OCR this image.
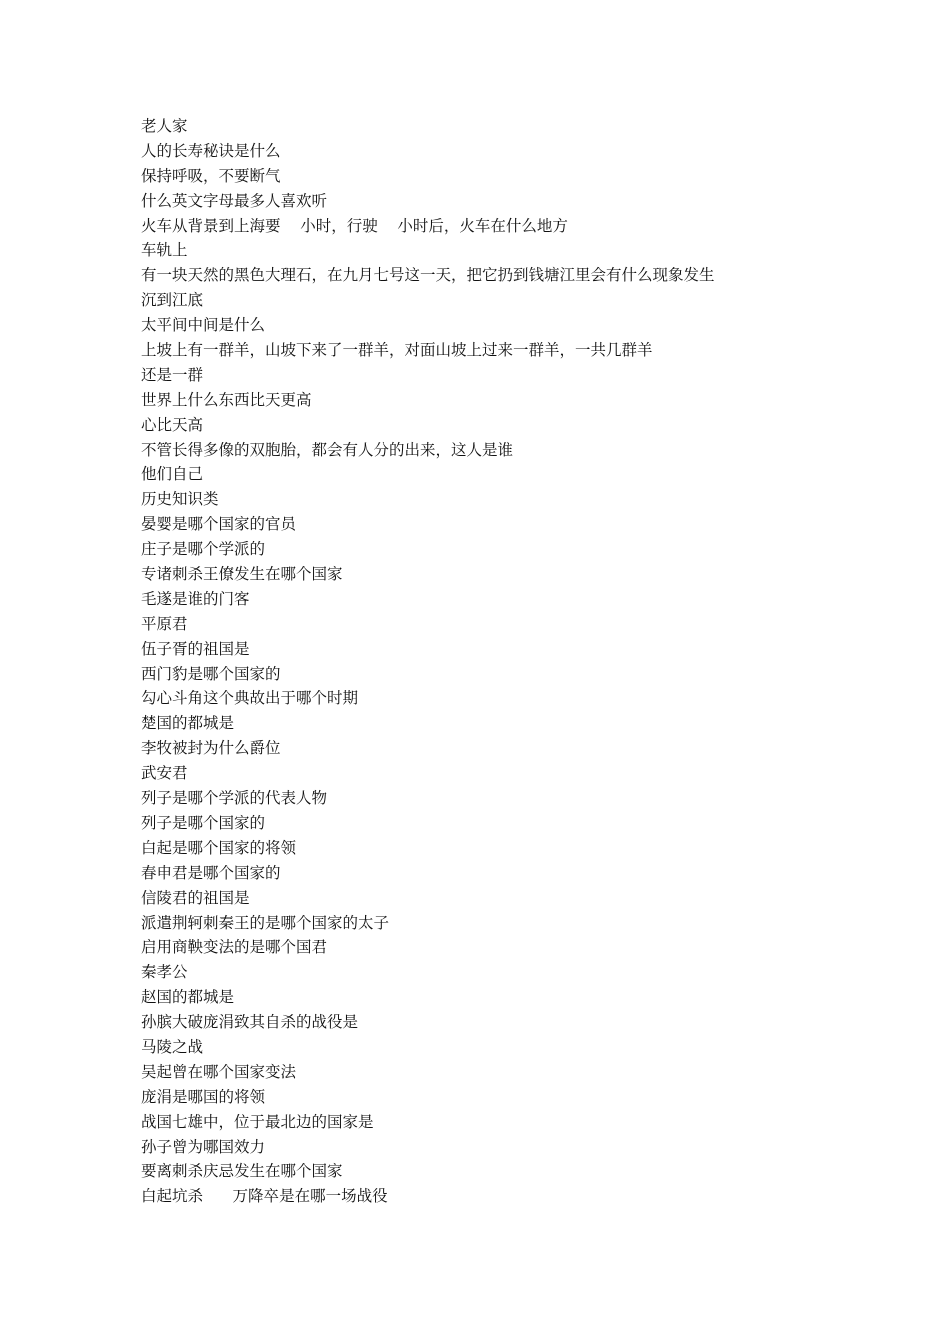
老人家
人的长寿秘诀是什么
保持呼吸，不要断气
什么英文字母最多人喜欢听
火车从背景到上海要    小时，行驶    小时后，火车在什么地方
车轨上
有一块天然的黑色大理石，在九月七号这一天，把它扔到钱塘江里会有什么现象发生
沉到江底
太平间中间是什么
上坡上有一群羊，山坡下来了一群羊，对面山坡上过来一群羊，一共几群羊
还是一群
世界上什么东西比天更高
心比天高
不管长得多像的双胞胎，都会有人分的出来，这人是谁
他们自己
历史知识类
晏婴是哪个国家的官员
庄子是哪个学派的
专诸刺杀王僚发生在哪个国家
毛遂是谁的门客
平原君
伍子胥的祖国是
西门豹是哪个国家的
勾心斗角这个典故出于哪个时期
楚国的都城是
李牧被封为什么爵位
武安君
列子是哪个学派的代表人物
列子是哪个国家的
白起是哪个国家的将领
春申君是哪个国家的
信陵君的祖国是
派遣荆轲刺秦王的是哪个国家的太子
启用商鞅变法的是哪个国君
秦孝公
赵国的都城是
孙膑大破庞涓致其自杀的战役是
马陵之战
吴起曾在哪个国家变法
庞涓是哪国的将领
战国七雄中，位于最北边的国家是
孙子曾为哪国效力
要离刺杀庆忌发生在哪个国家
白起坑杀      万降卒是在哪一场战役
